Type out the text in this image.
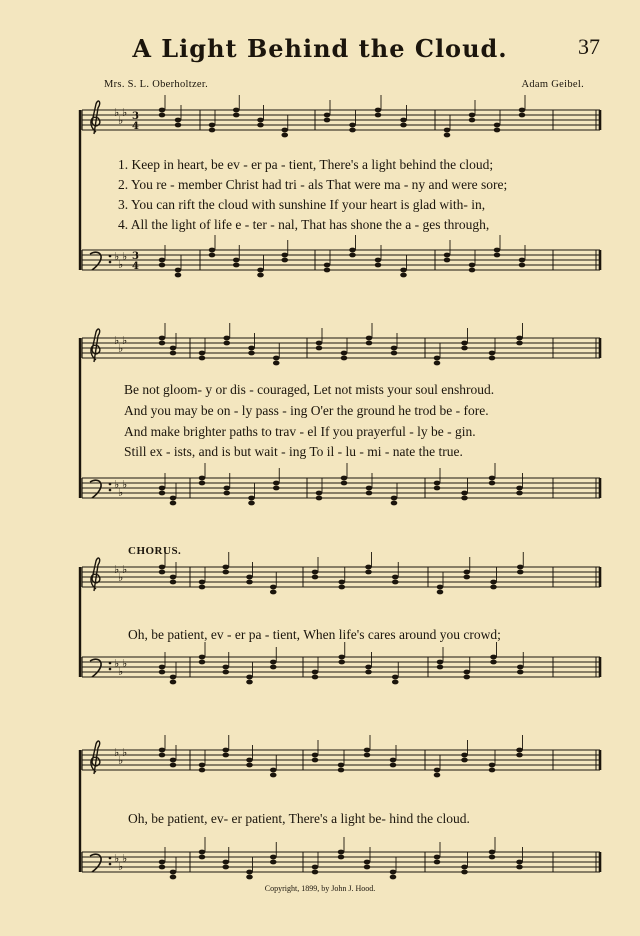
♭
♭
♭ 3
4
♭
♭
♭ 3
4
♭
♭
♭
♭
♭
♭
♭
♭
♭
♭
♭
♭
♭
♭
♭
♭
♭
♭
A Light Behind the Cloud.	37
Mrs. S. L. Oberholtzer.	Adam Geibel.
1. Keep in heart, be ev - er pa - tient, There's a light behind the cloud;
2. You re - member Christ had tri - als That were ma - ny and were sore;
3. You can rift the cloud with sunshine If your heart is glad with- in,
4. All the light of life e - ter - nal, That has shone the a - ges through,
Be not gloom- y or dis - couraged, Let not mists your soul enshroud.
And you may be on - ly pass - ing O'er the ground he trod be - fore.
And make brighter paths to trav - el If you prayerful - ly be - gin.
Still ex - ists, and is but wait - ing To il - lu - mi - nate the true.
CHORUS.
Oh, be patient, ev - er pa - tient, When life's cares around you crowd;
Oh, be patient, ev- er patient, There's a light be- hind the cloud.
Copyright, 1899, by John J. Hood.
